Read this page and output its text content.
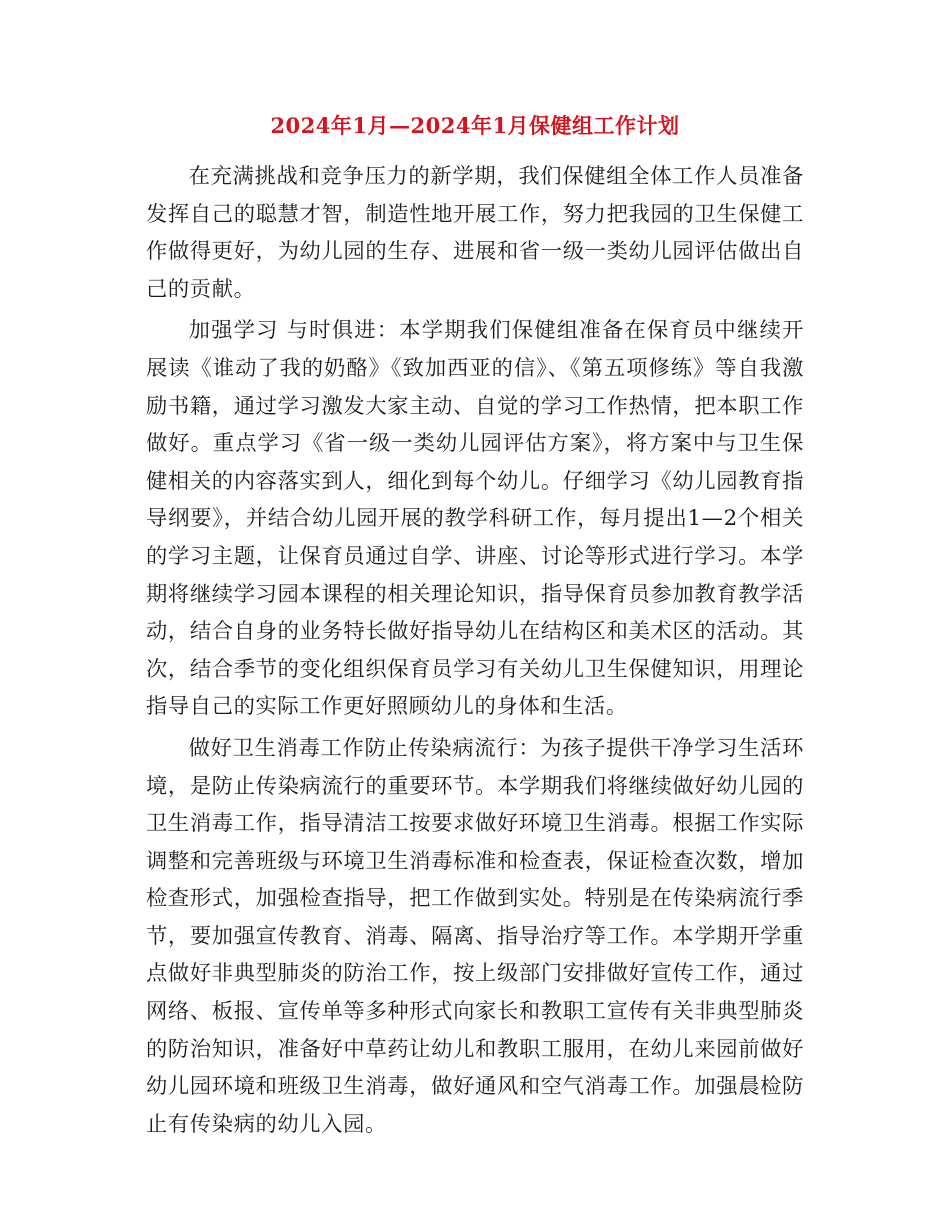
2024年1月—2024年1月保健组工作计划

在充满挑战和竞争压力的新学期，我们保健组全体工作人员准备发挥自己的聪慧才智，制造性地开展工作，努力把我园的卫生保健工作做得更好，为幼儿园的生存、进展和省一级一类幼儿园评估做出自己的贡献。

加强学习 与时俱进：本学期我们保健组准备在保育员中继续开展读《谁动了我的奶酪》《致加西亚的信》、《第五项修练》等自我激励书籍，通过学习激发大家主动、自觉的学习工作热情，把本职工作做好。重点学习《省一级一类幼儿园评估方案》，将方案中与卫生保健相关的内容落实到人，细化到每个幼儿。仔细学习《幼儿园教育指导纲要》，并结合幼儿园开展的教学科研工作，每月提出1—2个相关的学习主题，让保育员通过自学、讲座、讨论等形式进行学习。本学期将继续学习园本课程的相关理论知识，指导保育员参加教育教学活动，结合自身的业务特长做好指导幼儿在结构区和美术区的活动。其次，结合季节的变化组织保育员学习有关幼儿卫生保健知识，用理论指导自己的实际工作更好照顾幼儿的身体和生活。

做好卫生消毒工作防止传染病流行：为孩子提供干净学习生活环境，是防止传染病流行的重要环节。本学期我们将继续做好幼儿园的卫生消毒工作，指导清洁工按要求做好环境卫生消毒。根据工作实际调整和完善班级与环境卫生消毒标准和检查表，保证检查次数，增加检查形式，加强检查指导，把工作做到实处。特别是在传染病流行季节，要加强宣传教育、消毒、隔离、指导治疗等工作。本学期开学重点做好非典型肺炎的防治工作，按上级部门安排做好宣传工作，通过网络、板报、宣传单等多种形式向家长和教职工宣传有关非典型肺炎的防治知识，准备好中草药让幼儿和教职工服用，在幼儿来园前做好幼儿园环境和班级卫生消毒，做好通风和空气消毒工作。加强晨检防止有传染病的幼儿入园。
